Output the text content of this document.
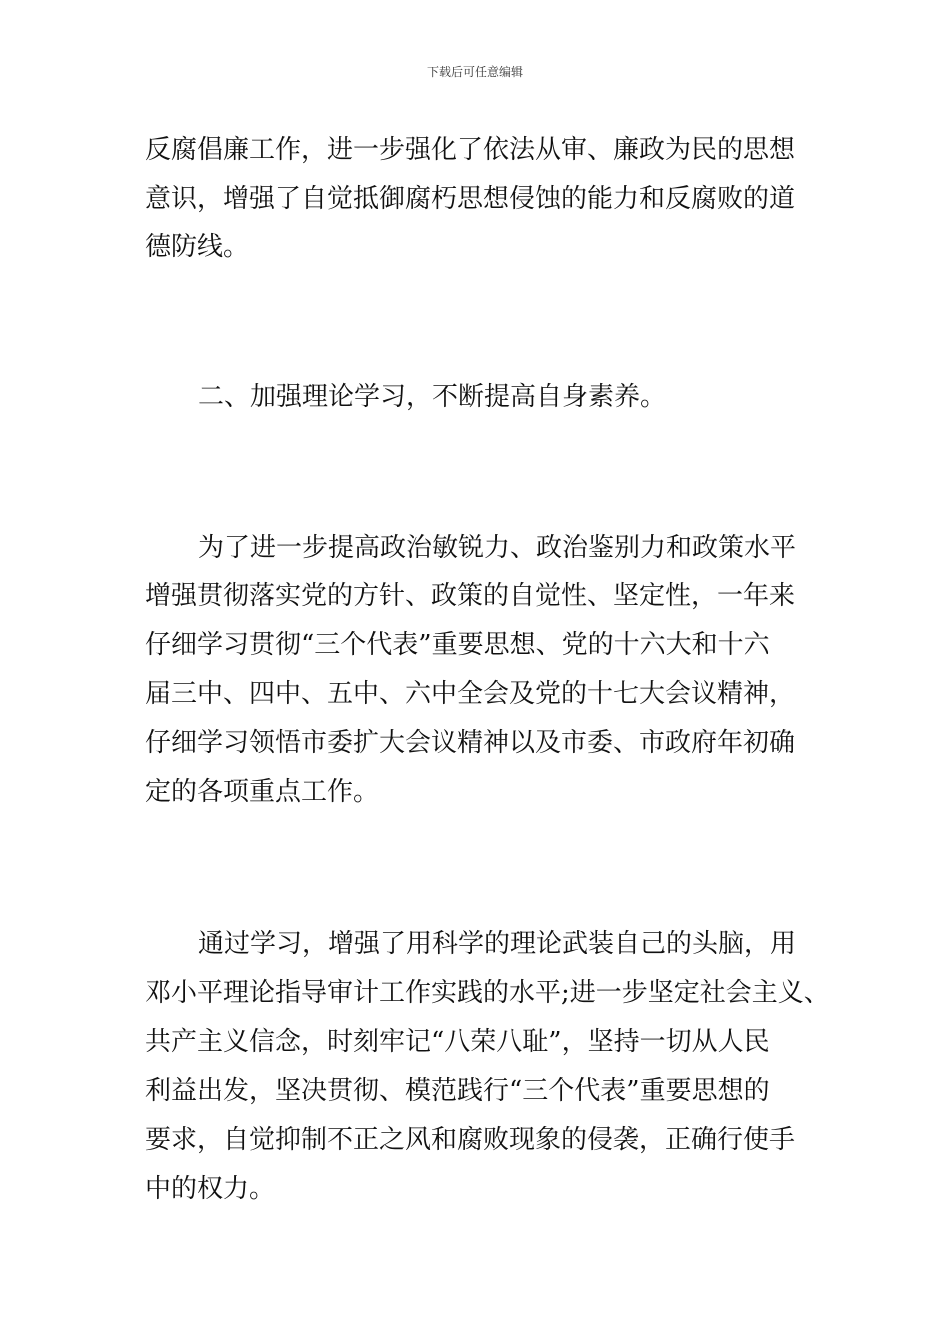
下载后可任意编辑
反腐倡廉工作，进一步强化了依法从审、廉政为民的思想
意识，增强了自觉抵御腐朽思想侵蚀的能力和反腐败的道
德防线。
二、加强理论学习，不断提高自身素养。
为了进一步提高政治敏锐力、政治鉴别力和政策水平
增强贯彻落实党的方针、政策的自觉性、坚定性，一年来
仔细学习贯彻“三个代表”重要思想、党的十六大和十六
届三中、四中、五中、六中全会及党的十七大会议精神，
仔细学习领悟市委扩大会议精神以及市委、市政府年初确
定的各项重点工作。
通过学习，增强了用科学的理论武装自己的头脑，用
邓小平理论指导审计工作实践的水平;进一步坚定社会主义、
共产主义信念，时刻牢记“八荣八耻”，坚持一切从人民
利益出发，坚决贯彻、模范践行“三个代表”重要思想的
要求，自觉抑制不正之风和腐败现象的侵袭，正确行使手
中的权力。
